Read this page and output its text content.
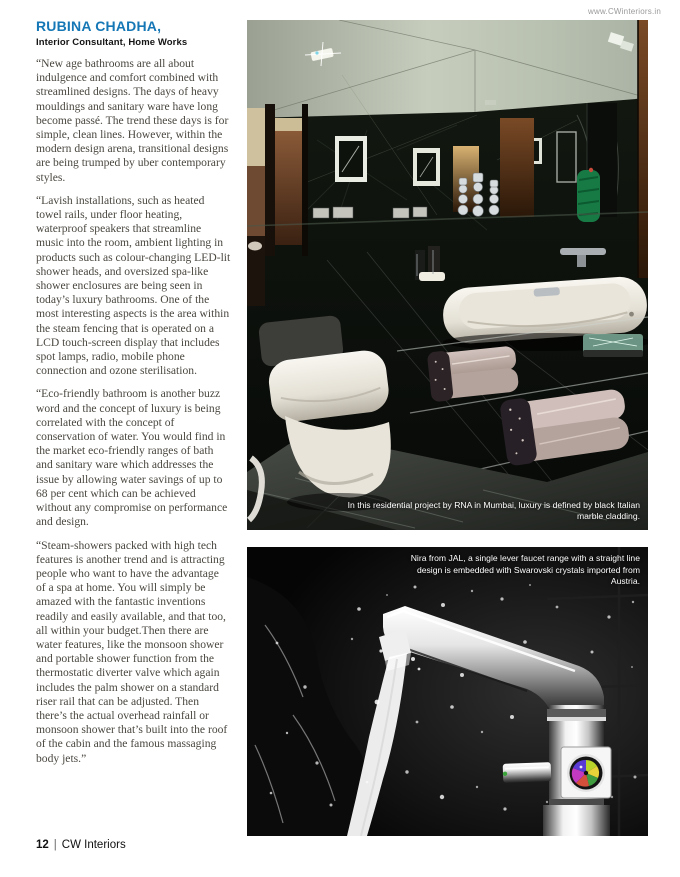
www.CWinteriors.in
RUBINA CHADHA,
Interior Consultant, Home Works

“New age bathrooms are all about indulgence and comfort combined with streamlined designs. The days of heavy mouldings and sanitary ware have long become passé. The trend these days is for simple, clean lines. However, within the modern design arena, transitional designs are being trumped by uber contemporary styles.

“Lavish installations, such as heated towel rails, under floor heating, waterproof speakers that streamline music into the room, ambient lighting in products such as colour-changing LED-lit shower heads, and oversized spa-like shower enclosures are being seen in today’s luxury bathrooms. One of the most interesting aspects is the area within the steam fencing that is operated on a LCD touch-screen display that includes spot lamps, radio, mobile phone connection and ozone sterilisation.

“Eco-friendly bathroom is another buzz word and the concept of luxury is being correlated with the concept of conservation of water. You would find in the market eco-friendly ranges of bath and sanitary ware which addresses the issue by allowing water savings of up to 68 per cent which can be achieved without any compromise on performance and design.

“Steam-showers packed with high tech features is another trend and is attracting people who want to have the advantage of a spa at home. You will simply be amazed with the fantastic inventions readily and easily available, and that too, all within your budget.Then there are water features, like the monsoon shower and portable shower function from the thermostatic diverter valve which again includes the palm shower on a standard riser rail that can be adjusted. Then there’s the actual overhead rainfall or monsoon shower that’s built into the roof of the cabin and the famous massaging body jets.”

In this residential project by RNA in Mumbai, luxury is defined by black Italian marble cladding.
Nira from JAL, a single lever faucet range with a straight line design is embedded with Swarovski crystals imported from Austria.
12 | CW Interiors
